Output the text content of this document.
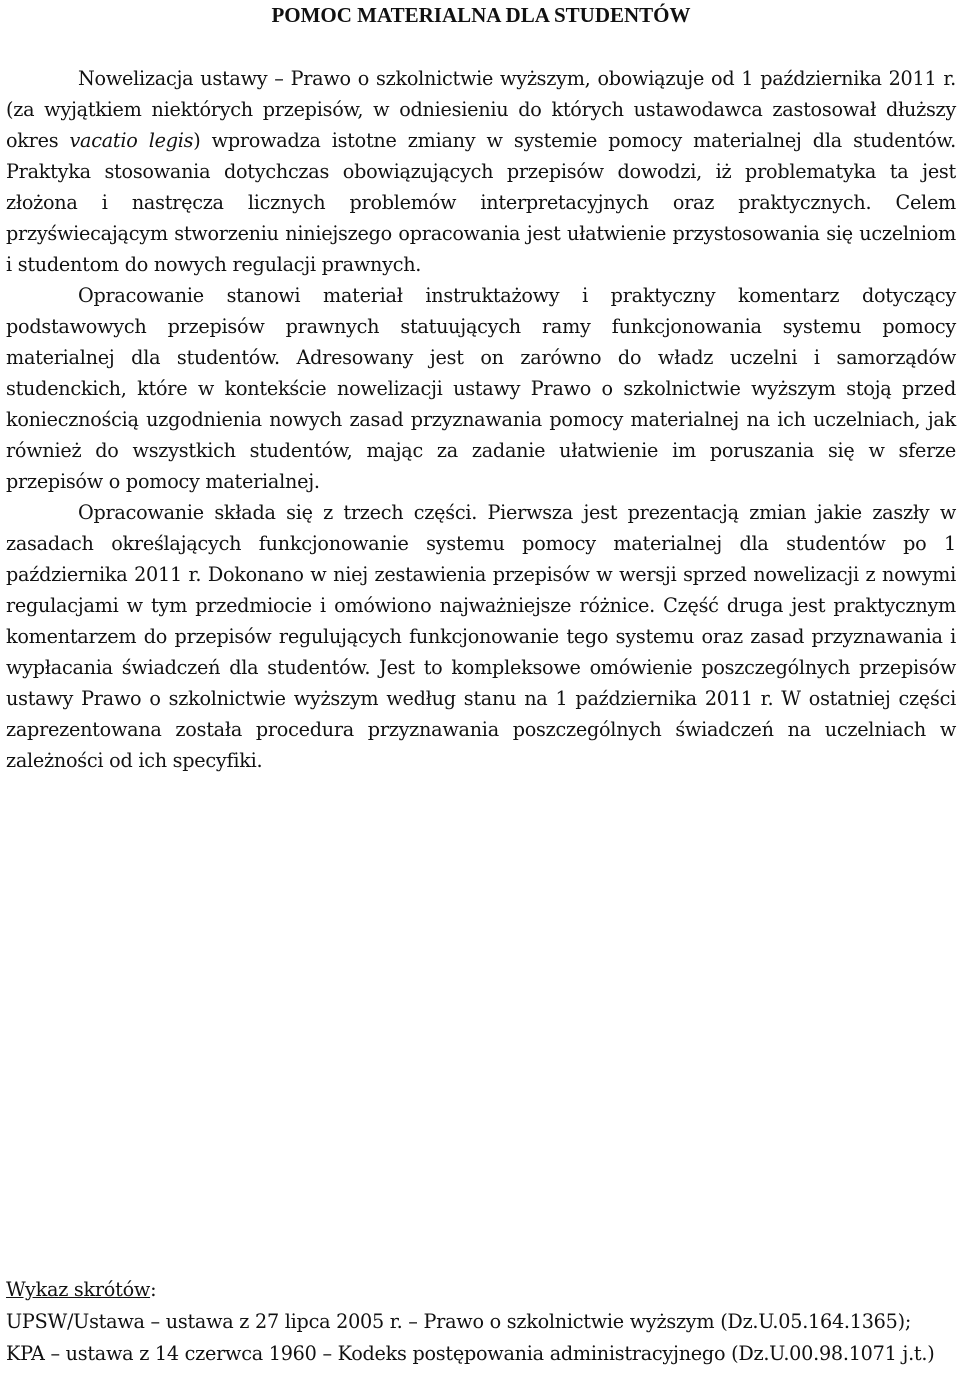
POMOC MATERIALNA DLA STUDENTÓW

Nowelizacja ustawy – Prawo o szkolnictwie wyższym, obowiązuje od 1 października 2011 r. (za wyjątkiem niektórych przepisów, w odniesieniu do których ustawodawca zastosował dłuższy okres vacatio legis) wprowadza istotne zmiany w systemie pomocy materialnej dla studentów. Praktyka stosowania dotychczas obowiązujących przepisów dowodzi, iż problematyka ta jest złożona i nastręcza licznych problemów interpretacyjnych oraz praktycznych. Celem przyświecającym stworzeniu niniejszego opracowania jest ułatwienie przystosowania się uczelniom i studentom do nowych regulacji prawnych.

Opracowanie stanowi materiał instruktażowy i praktyczny komentarz dotyczący podstawowych przepisów prawnych statuujących ramy funkcjonowania systemu pomocy materialnej dla studentów. Adresowany jest on zarówno do władz uczelni i samorządów studenckich, które w kontekście nowelizacji ustawy Prawo o szkolnictwie wyższym stoją przed koniecznością uzgodnienia nowych zasad przyznawania pomocy materialnej na ich uczelniach, jak również do wszystkich studentów, mając za zadanie ułatwienie im poruszania się w sferze przepisów o pomocy materialnej.

Opracowanie składa się z trzech części. Pierwsza jest prezentacją zmian jakie zaszły w zasadach określających funkcjonowanie systemu pomocy materialnej dla studentów po 1 października 2011 r. Dokonano w niej zestawienia przepisów w wersji sprzed nowelizacji z nowymi regulacjami w tym przedmiocie i omówiono najważniejsze różnice. Część druga jest praktycznym komentarzem do przepisów regulujących funkcjonowanie tego systemu oraz zasad przyznawania i wypłacania świadczeń dla studentów. Jest to kompleksowe omówienie poszczególnych przepisów ustawy Prawo o szkolnictwie wyższym według stanu na 1 października 2011 r. W ostatniej części zaprezentowana została procedura przyznawania poszczególnych świadczeń na uczelniach w zależności od ich specyfiki.

Wykaz skrótów:

UPSW/Ustawa – ustawa z 27 lipca 2005 r. – Prawo o szkolnictwie wyższym (Dz.U.05.164.1365);

KPA – ustawa z 14 czerwca 1960 – Kodeks postępowania administracyjnego (Dz.U.00.98.1071 j.t.)
